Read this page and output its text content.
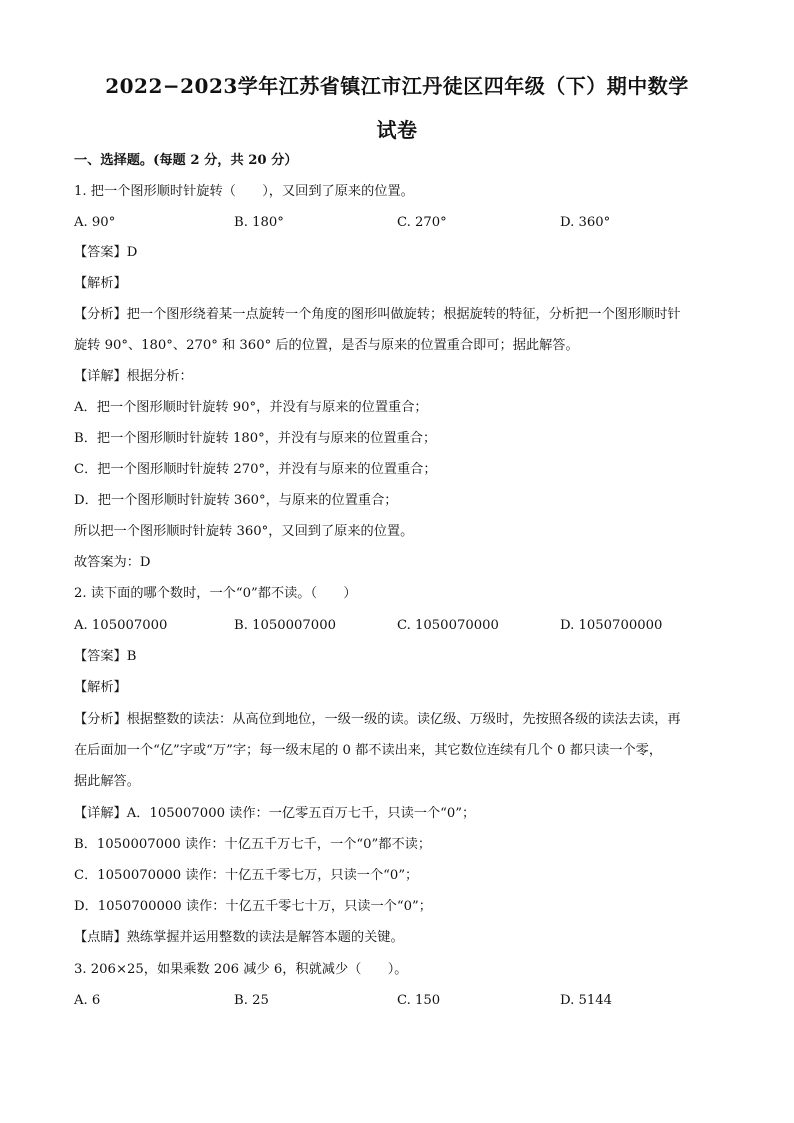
2022−2023学年江苏省镇江市江丹徒区四年级（下）期中数学
试卷
一、选择题。(每题 2 分，共 20 分）
1. 把一个图形顺时针旋转（　　），又回到了原来的位置。
A. 90°	B. 180°	C. 270°	D. 360°
【答案】D
【解析】
【分析】把一个图形绕着某一点旋转一个角度的图形叫做旋转；根据旋转的特征，分析把一个图形顺时针
旋转 90°、180°、270° 和 360° 后的位置，是否与原来的位置重合即可；据此解答。
【详解】根据分析：
A．把一个图形顺时针旋转 90°，并没有与原来的位置重合；
B．把一个图形顺时针旋转 180°，并没有与原来的位置重合；
C．把一个图形顺时针旋转 270°，并没有与原来的位置重合；
D．把一个图形顺时针旋转 360°，与原来的位置重合；
所以把一个图形顺时针旋转 360°，又回到了原来的位置。
故答案为：D
2. 读下面的哪个数时，一个“0”都不读。（　　）
A. 105007000	B. 1050007000	C. 1050070000	D. 1050700000
【答案】B
【解析】
【分析】根据整数的读法：从高位到地位，一级一级的读。读亿级、万级时，先按照各级的读法去读，再
在后面加一个“亿”字或“万”字；每一级末尾的 0 都不读出来，其它数位连续有几个 0 都只读一个零，
据此解答。
【详解】A．105007000 读作：一亿零五百万七千，只读一个“0”；
B．1050007000 读作：十亿五千万七千，一个“0”都不读；
C．1050070000 读作：十亿五千零七万，只读一个“0”；
D．1050700000 读作：十亿五千零七十万，只读一个“0”；
【点睛】熟练掌握并运用整数的读法是解答本题的关键。
3. 206×25，如果乘数 206 减少 6，积就减少（　　）。
A. 6	B. 25	C. 150	D. 5144
